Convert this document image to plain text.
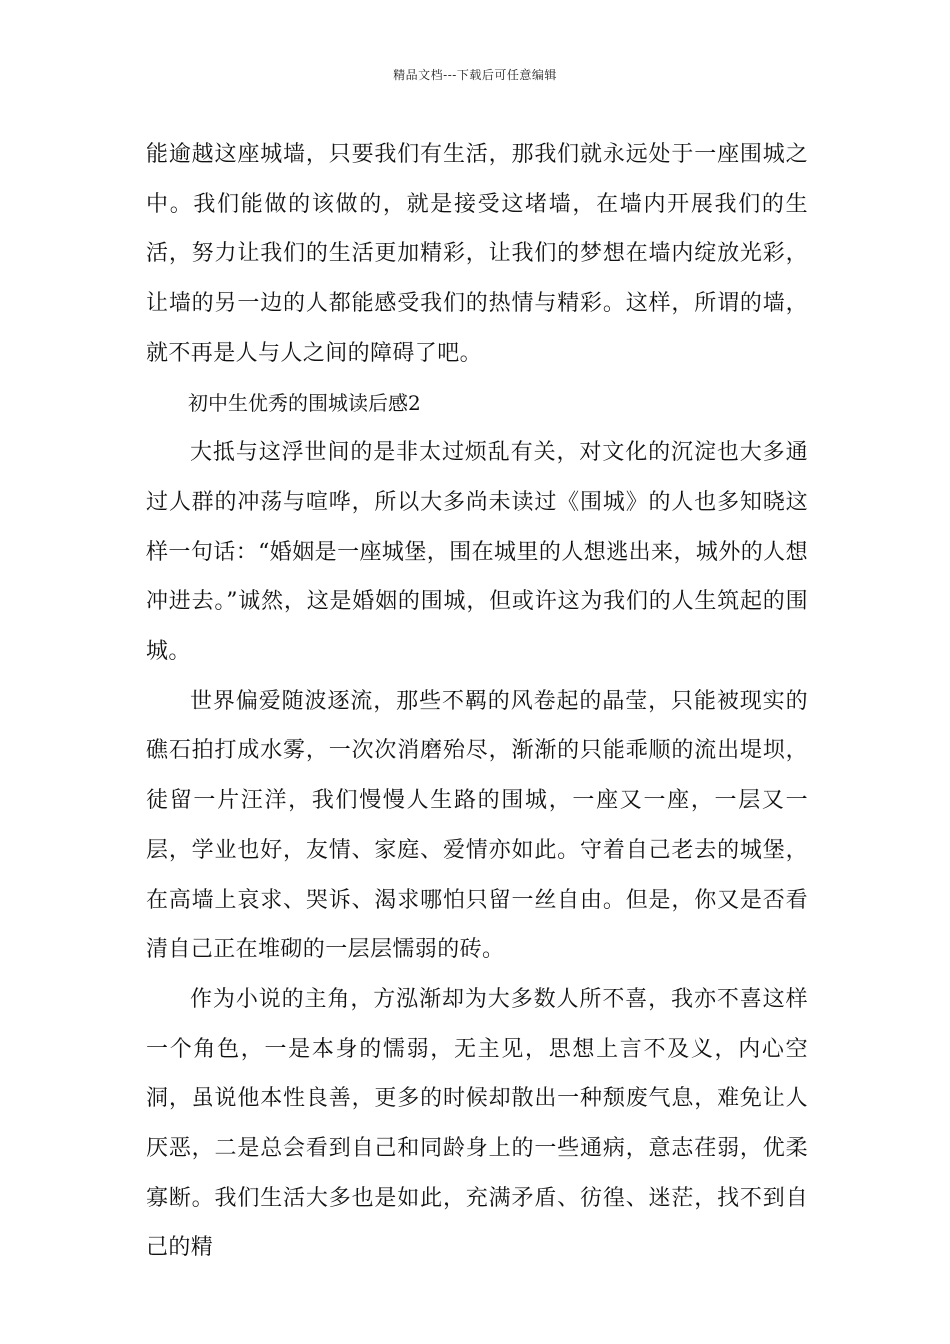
精品文档---下载后可任意编辑

能逾越这座城墙，只要我们有生活，那我们就永远处于一座围城之中。我们能做的该做的，就是接受这堵墙，在墙内开展我们的生活，努力让我们的生活更加精彩，让我们的梦想在墙内绽放光彩，让墙的另一边的人都能感受我们的热情与精彩。这样，所谓的墙，就不再是人与人之间的障碍了吧。

初中生优秀的围城读后感2

大抵与这浮世间的是非太过烦乱有关，对文化的沉淀也大多通过人群的冲荡与喧哗，所以大多尚未读过《围城》的人也多知晓这样一句话：“婚姻是一座城堡，围在城里的人想逃出来，城外的人想冲进去。”诚然，这是婚姻的围城，但或许这为我们的人生筑起的围城。

世界偏爱随波逐流，那些不羁的风卷起的晶莹，只能被现实的礁石拍打成水雾，一次次消磨殆尽，渐渐的只能乖顺的流出堤坝，徒留一片汪洋，我们慢慢人生路的围城，一座又一座，一层又一层，学业也好，友情、家庭、爱情亦如此。守着自己老去的城堡，在高墙上哀求、哭诉、渴求哪怕只留一丝自由。但是，你又是否看清自己正在堆砌的一层层懦弱的砖。

作为小说的主角，方泓渐却为大多数人所不喜，我亦不喜这样一个角色，一是本身的懦弱，无主见，思想上言不及义，内心空洞，虽说他本性良善，更多的时候却散出一种颓废气息，难免让人厌恶，二是总会看到自己和同龄身上的一些通病，意志荏弱，优柔寡断。我们生活大多也是如此，充满矛盾、彷徨、迷茫，找不到自己的精
